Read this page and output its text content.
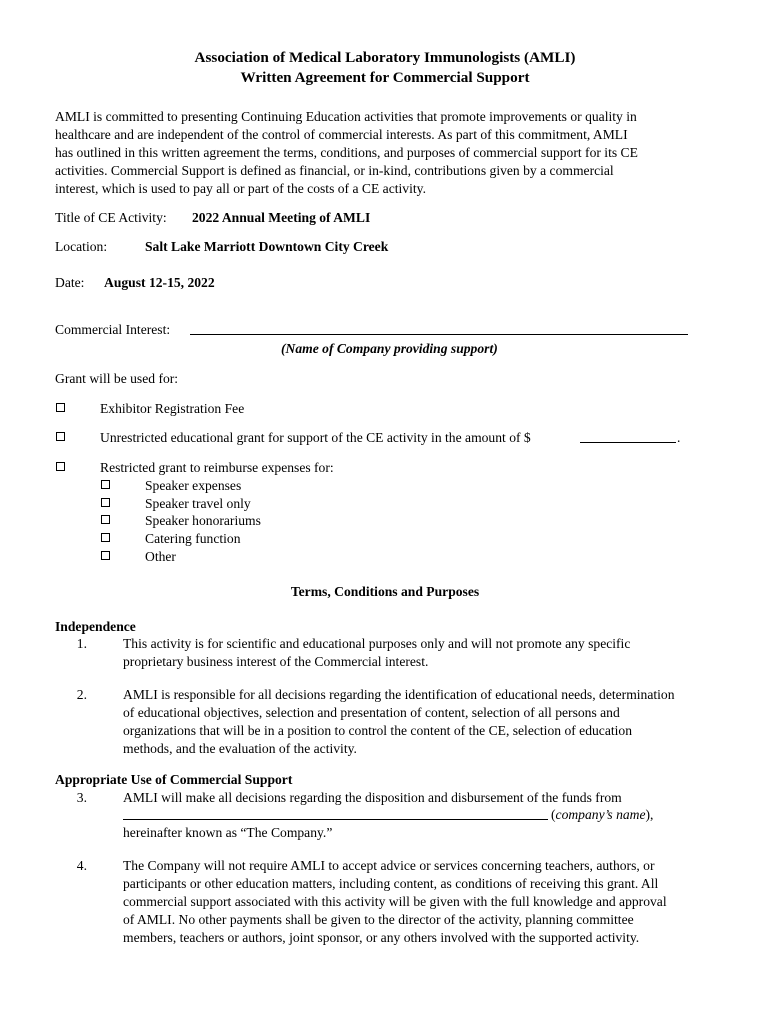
Association of Medical Laboratory Immunologists (AMLI)
Written Agreement for Commercial Support
AMLI is committed to presenting Continuing Education activities that promote improvements or quality in
healthcare and are independent of the control of commercial interests. As part of this commitment, AMLI
has outlined in this written agreement the terms, conditions, and purposes of commercial support for its CE
activities. Commercial Support is defined as financial, or in-kind, contributions given by a commercial
interest, which is used to pay all or part of the costs of a CE activity.
Title of CE Activity: 2022 Annual Meeting of AMLI
Location:	Salt Lake Marriott Downtown City Creek
Date: August 12-15, 2022
Commercial Interest:
(Name of Company providing support)
Grant will be used for:
Exhibitor Registration Fee
Unrestricted educational grant for support of the CE activity in the amount of $	.
Restricted grant to reimburse expenses for:
Speaker expenses
Speaker travel only
Speaker honorariums
Catering function
Other
Terms, Conditions and Purposes
Independence
1.	This activity is for scientific and educational purposes only and will not promote any specific
proprietary business interest of the Commercial interest.
2.	AMLI is responsible for all decisions regarding the identification of educational needs, determination
of educational objectives, selection and presentation of content, selection of all persons and
organizations that will be in a position to control the content of the CE, selection of education
methods, and the evaluation of the activity.
Appropriate Use of Commercial Support
3.	AMLI will make all decisions regarding the disposition and disbursement of the funds from
(company’s name),
hereinafter known as “The Company.”
4.	The Company will not require AMLI to accept advice or services concerning teachers, authors, or
participants or other education matters, including content, as conditions of receiving this grant. All
commercial support associated with this activity will be given with the full knowledge and approval
of AMLI. No other payments shall be given to the director of the activity, planning committee
members, teachers or authors, joint sponsor, or any others involved with the supported activity.
